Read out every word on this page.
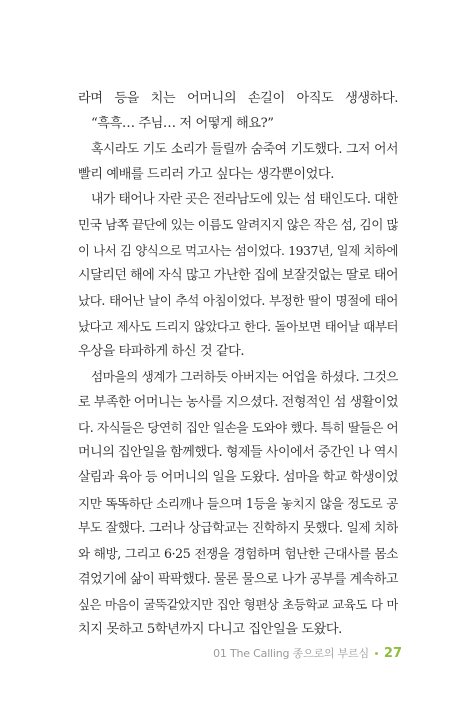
라며 등을 치는 어머니의 손길이 아직도 생생하다.
“흑흑… 주님… 저 어떻게 해요?”
혹시라도 기도 소리가 들릴까 숨죽여 기도했다. 그저 어서
빨리 예배를 드리러 가고 싶다는 생각뿐이었다.
내가 태어나 자란 곳은 전라남도에 있는 섬 태인도다. 대한
민국 남쪽 끝단에 있는 이름도 알려지지 않은 작은 섬, 김이 많
이 나서 김 양식으로 먹고사는 섬이었다. 1937년, 일제 치하에
시달리던 해에 자식 많고 가난한 집에 보잘것없는 딸로 태어
났다. 태어난 날이 추석 아침이었다. 부정한 딸이 명절에 태어
났다고 제사도 드리지 않았다고 한다. 돌아보면 태어날 때부터
우상을 타파하게 하신 것 같다.
섬마을의 생계가 그러하듯 아버지는 어업을 하셨다. 그것으
로 부족한 어머니는 농사를 지으셨다. 전형적인 섬 생활이었
다. 자식들은 당연히 집안 일손을 도와야 했다. 특히 딸들은 어
머니의 집안일을 함께했다. 형제들 사이에서 중간인 나 역시
살림과 육아 등 어머니의 일을 도왔다. 섬마을 학교 학생이었
지만 똑똑하단 소리깨나 들으며 1등을 놓치지 않을 정도로 공
부도 잘했다. 그러나 상급학교는 진학하지 못했다. 일제 치하
와 해방, 그리고 6·25 전쟁을 경험하며 험난한 근대사를 몸소
겪었기에 삶이 팍팍했다. 물론 물으로 나가 공부를 계속하고
싶은 마음이 굴뚝같았지만 집안 형편상 초등학교 교육도 다 마
치지 못하고 5학년까지 다니고 집안일을 도왔다.
01 The Calling 종으로의 부르심 27
